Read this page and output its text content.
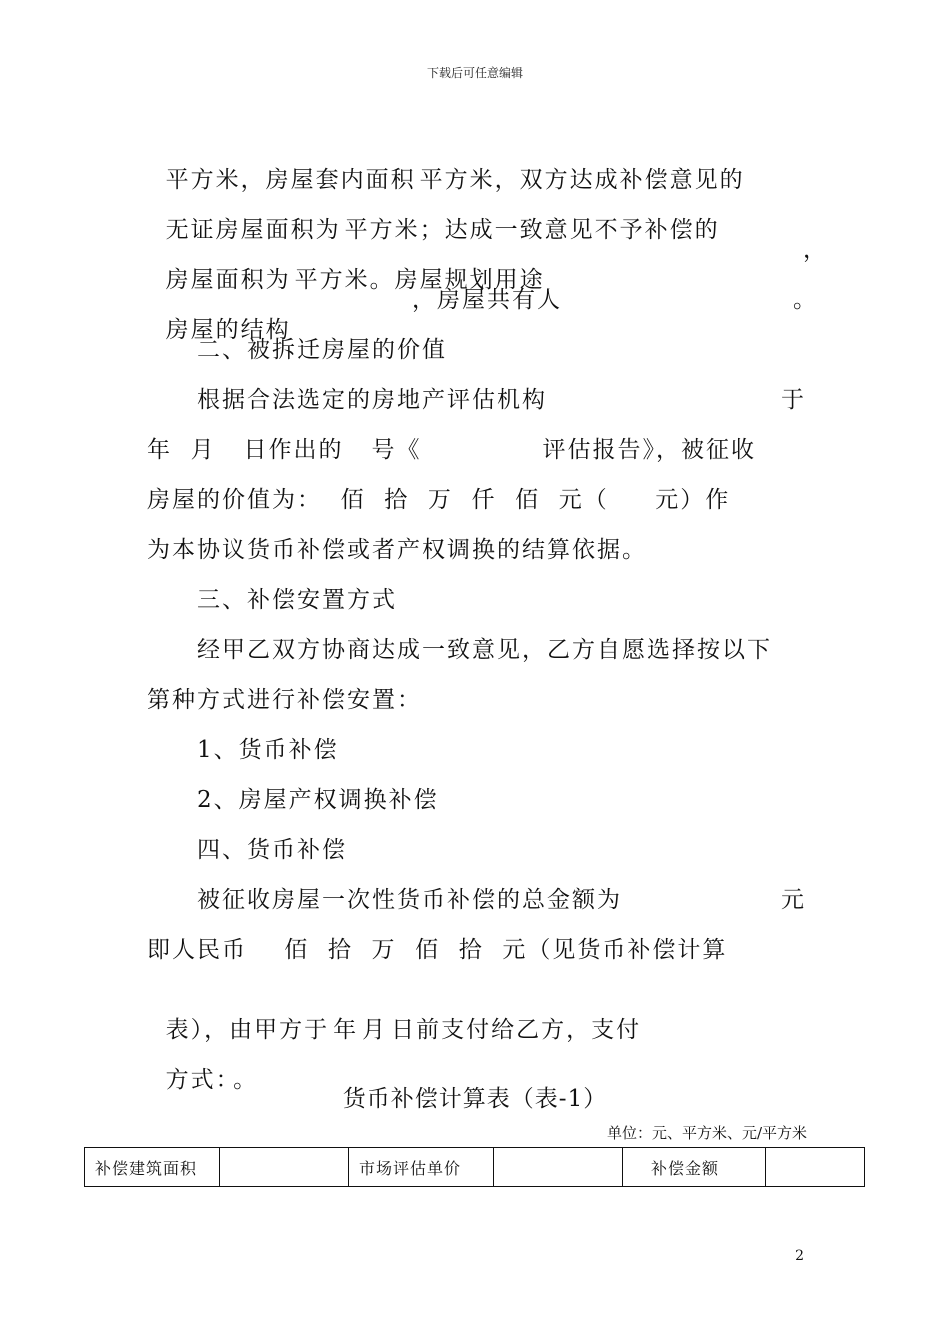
下载后可任意编辑

平方米，房屋套内面积 平方米，双方达成补偿意见的

无证房屋面积为 平方米；达成一致意见不予补偿的

房屋面积为 平方米。房屋规划用途

，

房屋的结构

，房屋共有人	。
二、被拆迁房屋的价值
根据合法选定的房地产评估机构	于
年  月   日作出的   号《             评估报告》，被征收
房屋的价值为：  佰  拾  万  仟  佰  元（     元）作
为本协议货币补偿或者产权调换的结算依据。
三、补偿安置方式
经甲乙双方协商达成一致意见，乙方自愿选择按以下
第种方式进行补偿安置：
1、货币补偿
2、房屋产权调换补偿
四、货币补偿
被征收房屋一次性货币补偿的总金额为	元
即人民币    佰  拾  万  佰  拾  元（见货币补偿计算

表），由甲方于 年 月 日前支付给乙方，支付

方式： 。

货币补偿计算表（表-1）
单位：元、平方米、元/平方米
补偿建筑面积		市场评估单价		补偿金额	
2
